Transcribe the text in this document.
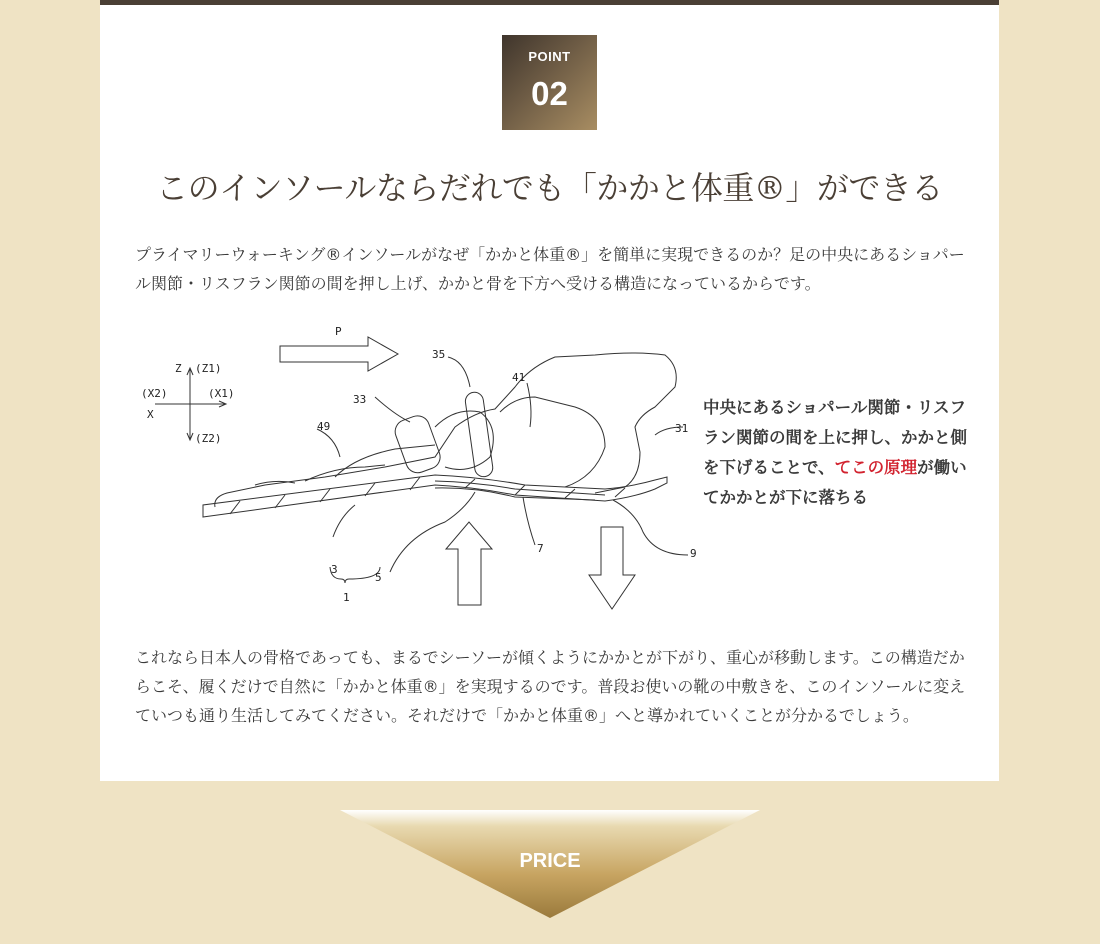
POINT
02
このインソールならだれでも「かかと体重®」ができる

プライマリーウォーキング®インソールがなぜ「かかと体重®」を簡単に実現できるのか？足の中央にあるショパール関節・リスフラン関節の間を押し上げ、かかと骨を下方へ受ける構造になっているからです。

Z (Z1)
(Z2)
(X2)	(X1)
X
P
35
41
33
49	31
7	9
3
5
1
中央にあるショパール関節・リスフラン関節の間を上に押し、かかと側を下げることで、てこの原理が働いてかかとが下に落ちる

これなら日本人の骨格であっても、まるでシーソーが傾くようにかかとが下がり、重心が移動します。この構造だからこそ、履くだけで自然に「かかと体重®」を実現するのです。普段お使いの靴の中敷きを、このインソールに変えていつも通り生活してみてください。それだけで「かかと体重®」へと導かれていくことが分かるでしょう。

PRICE
